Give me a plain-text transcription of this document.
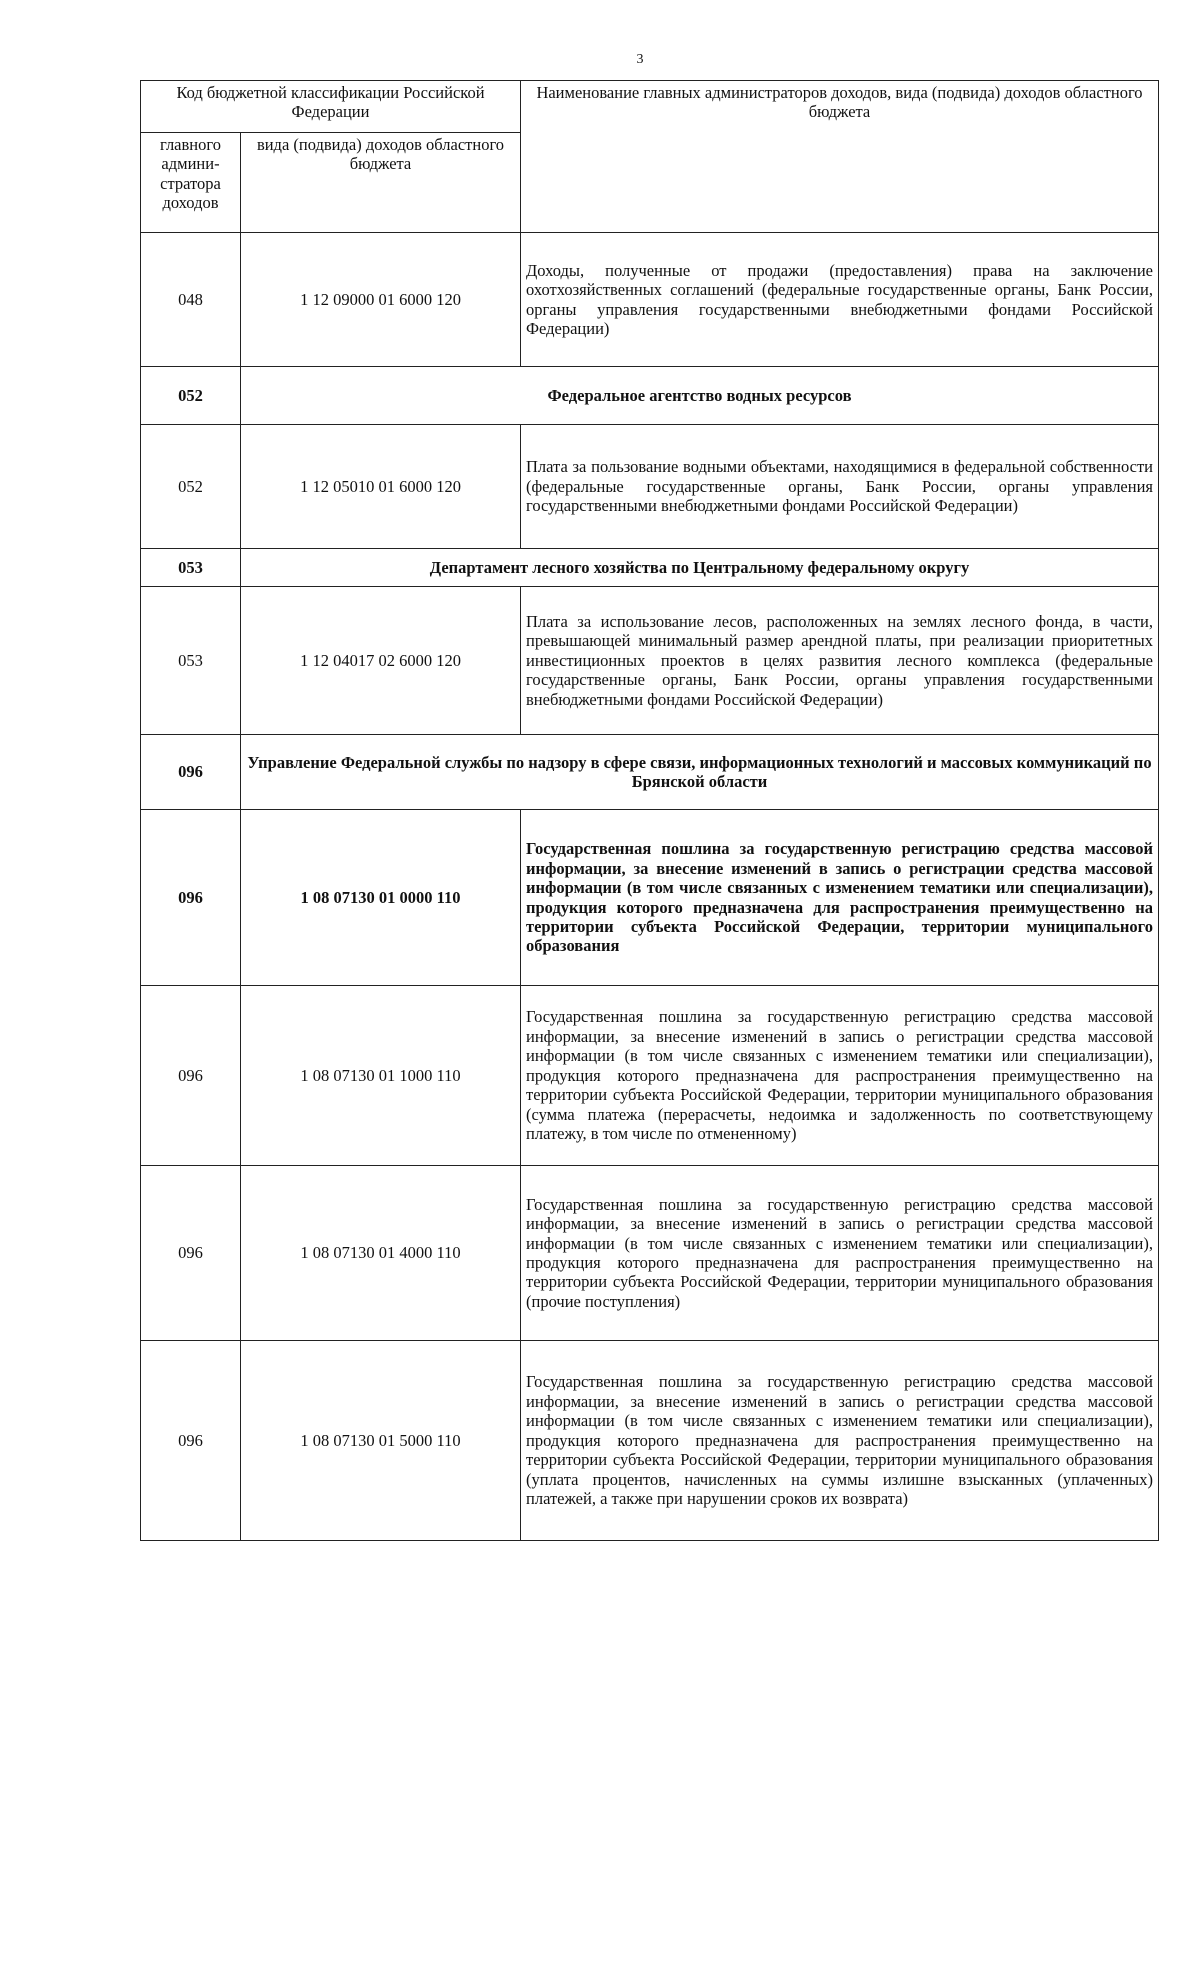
3
Код бюджетной классификации Российской Федерации		Наименование главных администраторов доходов, вида (подвида) доходов областного бюджета
главного админи-стратора доходов	вида (подвида) доходов областного бюджета	
048	1 12 09000 01 6000 120	Доходы, полученные от продажи (предоставления) права на заключение охотхозяйственных соглашений (федеральные государственные органы, Банк России, органы управления государственными внебюджетными фондами Российской Федерации)
052	Федеральное агентство водных ресурсов	
052	1 12 05010 01 6000 120	Плата за пользование водными объектами, находящимися в федеральной собственности (федеральные государственные органы, Банк России, органы управления государственными внебюджетными фондами Российской Федерации)
053	Департамент лесного хозяйства по Центральному федеральному округу	
053	1 12 04017 02 6000 120	Плата за использование лесов, расположенных на землях лесного фонда, в части, превышающей минимальный размер арендной платы, при реализации приоритетных инвестиционных проектов в целях развития лесного комплекса (федеральные государственные органы, Банк России, органы управления государственными внебюджетными фондами Российской Федерации)
096	Управление Федеральной службы по надзору в сфере связи, информационных технологий и массовых коммуникаций по Брянской области	
096	1 08 07130 01 0000 110	Государственная пошлина за государственную регистрацию средства массовой информации, за внесение изменений в запись о регистрации средства массовой информации (в том числе связанных с изменением тематики или специализации), продукция которого предназначена для распространения преимущественно на территории субъекта Российской Федерации, территории муниципального образования
096	1 08 07130 01 1000 110	Государственная пошлина за государственную регистрацию средства массовой информации, за внесение изменений в запись о регистрации средства массовой информации (в том числе связанных с изменением тематики или специализации), продукция которого предназначена для распространения преимущественно на территории субъекта Российской Федерации, территории муниципального образования (сумма платежа (перерасчеты, недоимка и задолженность по соответствующему платежу, в том числе по отмененному)
096	1 08 07130 01 4000 110	Государственная пошлина за государственную регистрацию средства массовой информации, за внесение изменений в запись о регистрации средства массовой информации (в том числе связанных с изменением тематики или специализации), продукция которого предназначена для распространения преимущественно на территории субъекта Российской Федерации, территории муниципального образования (прочие поступления)
096	1 08 07130 01 5000 110	Государственная пошлина за государственную регистрацию средства массовой информации, за внесение изменений в запись о регистрации средства массовой информации (в том числе связанных с изменением тематики или специализации), продукция которого предназначена для распространения преимущественно на территории субъекта Российской Федерации, территории муниципального образования (уплата процентов, начисленных на суммы излишне взысканных (уплаченных) платежей, а также при нарушении сроков их возврата)
